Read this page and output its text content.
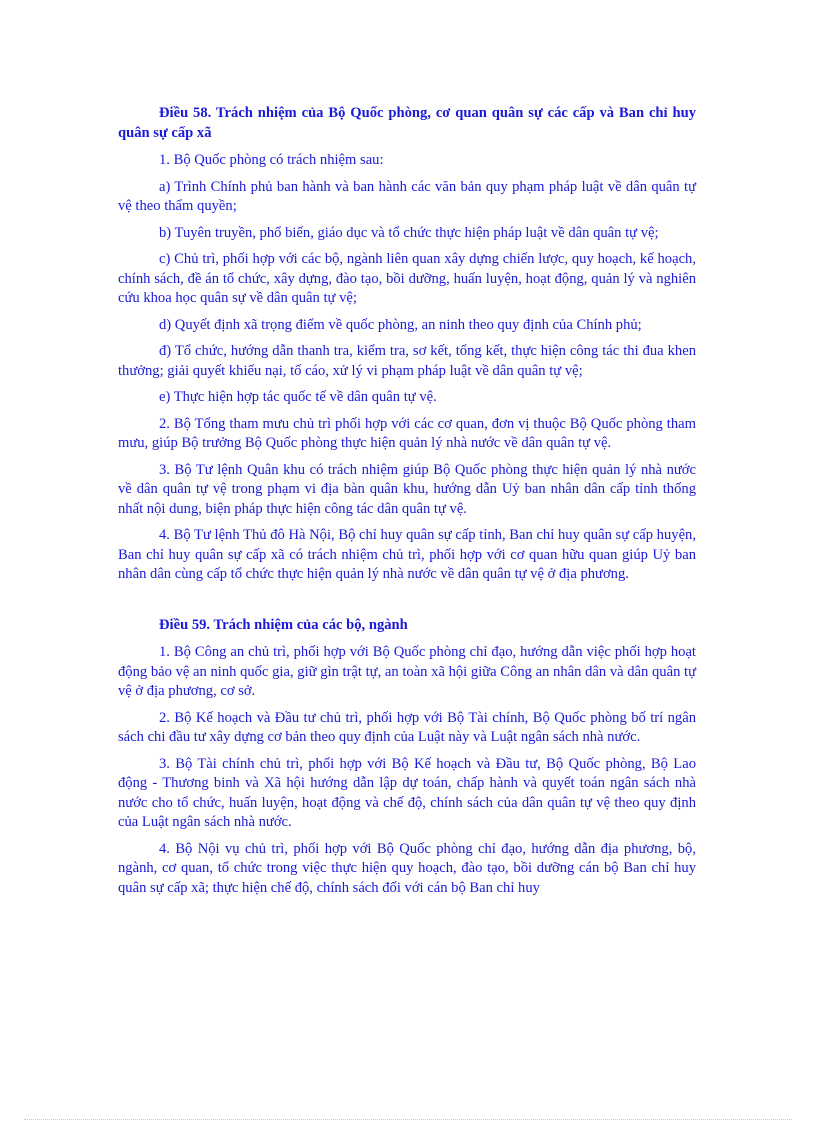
Điều 58. Trách nhiệm của Bộ Quốc phòng, cơ quan quân sự các cấp và Ban chỉ huy quân sự cấp xã

1. Bộ Quốc phòng có trách nhiệm sau:

a) Trình Chính phủ ban hành và ban hành các văn bản quy phạm pháp luật về dân quân tự vệ theo thẩm quyền;

b) Tuyên truyền, phổ biến, giáo dục và tổ chức thực hiện pháp luật về dân quân tự vệ;

c) Chủ trì, phối hợp với các bộ, ngành liên quan xây dựng chiến lược, quy hoạch, kế hoạch, chính sách, đề án tổ chức, xây dựng, đào tạo, bồi dưỡng, huấn luyện, hoạt động, quản lý và nghiên cứu khoa học quân sự về dân quân tự vệ;

d) Quyết định xã trọng điểm về quốc phòng, an ninh theo quy định của Chính phủ;

đ) Tổ chức, hướng dẫn thanh tra, kiểm tra, sơ kết, tổng kết, thực hiện công tác thi đua khen thưởng; giải quyết khiếu nại, tố cáo, xử lý vi phạm pháp luật về dân quân tự vệ;

e) Thực hiện hợp tác quốc tế về dân quân tự vệ.

2. Bộ Tổng tham mưu chủ trì phối hợp với các cơ quan, đơn vị thuộc Bộ Quốc phòng tham mưu, giúp Bộ trưởng Bộ Quốc phòng thực hiện quản lý nhà nước về dân quân tự vệ.

3. Bộ Tư lệnh Quân khu có trách nhiệm giúp Bộ Quốc phòng thực hiện quản lý nhà nước về dân quân tự vệ trong phạm vi địa bàn quân khu, hướng dẫn Uỷ ban nhân dân cấp tỉnh thống nhất nội dung, biện pháp thực hiện công tác dân quân tự vệ.

4. Bộ Tư lệnh Thủ đô Hà Nội, Bộ chỉ huy quân sự cấp tỉnh, Ban chỉ huy quân sự cấp huyện, Ban chỉ huy quân sự cấp xã có trách nhiệm chủ trì, phối hợp với cơ quan hữu quan giúp Uỷ ban nhân dân cùng cấp tổ chức thực hiện quản lý nhà nước về dân quân tự vệ ở địa phương.

Điều 59. Trách nhiệm của các bộ, ngành

1. Bộ Công an chủ trì, phối hợp với Bộ Quốc phòng chỉ đạo, hướng dẫn việc phối hợp hoạt động bảo vệ an ninh quốc gia, giữ gìn trật tự, an toàn xã hội giữa Công an nhân dân và dân quân tự vệ ở địa phương, cơ sở.

2. Bộ Kế hoạch và Đầu tư chủ trì, phối hợp với Bộ Tài chính, Bộ Quốc phòng bố trí ngân sách chi đầu tư xây dựng cơ bản theo quy định của Luật này và Luật ngân sách nhà nước.

3. Bộ Tài chính chủ trì, phối hợp với Bộ Kế hoạch và Đầu tư, Bộ Quốc phòng, Bộ Lao động - Thương binh và Xã hội hướng dẫn lập dự toán, chấp hành và quyết toán ngân sách nhà nước cho tổ chức, huấn luyện, hoạt động và chế độ, chính sách của dân quân tự vệ theo quy định của Luật ngân sách nhà nước.

4. Bộ Nội vụ chủ trì, phối hợp với Bộ Quốc phòng chỉ đạo, hướng dẫn địa phương, bộ, ngành, cơ quan, tổ chức trong việc thực hiện quy hoạch, đào tạo, bồi dưỡng cán bộ Ban chỉ huy quân sự cấp xã; thực hiện chế độ, chính sách đối với cán bộ Ban chỉ huy
